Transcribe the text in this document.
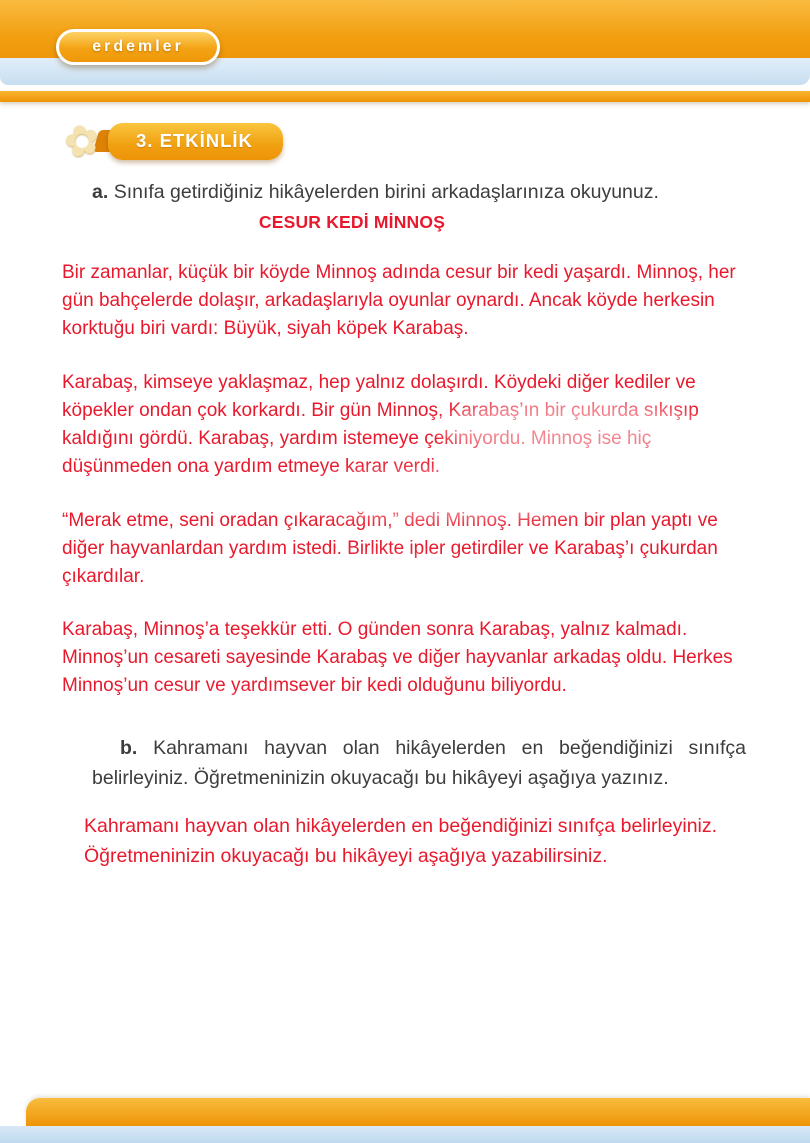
erdemler
✿	3. ETKİNLİK

a. Sınıfa getirdiğiniz hikâyelerden birini arkadaşlarınıza okuyunuz.

CESUR KEDİ MİNNOŞ

Bir zamanlar, küçük bir köyde Minnoş adında cesur bir kedi yaşardı. Minnoş, her gün bahçelerde dolaşır, arkadaşlarıyla oyunlar oynardı. Ancak köyde herkesin korktuğu biri vardı: Büyük, siyah köpek Karabaş.

Karabaş, kimseye yaklaşmaz, hep yalnız dolaşırdı. Köydeki diğer kediler ve köpekler ondan çok korkardı. Bir gün Minnoş, Karabaş’ın bir çukurda sıkışıp kaldığını gördü. Karabaş, yardım istemeye çekiniyordu. Minnoş ise hiç düşünmeden ona yardım etmeye karar verdi.

“Merak etme, seni oradan çıkaracağım,” dedi Minnoş. Hemen bir plan yaptı ve diğer hayvanlardan yardım istedi. Birlikte ipler getirdiler ve Karabaş’ı çukurdan çıkardılar.

Karabaş, Minnoş’a teşekkür etti. O günden sonra Karabaş, yalnız kalmadı. Minnoş’un cesareti sayesinde Karabaş ve diğer hayvanlar arkadaş oldu. Herkes Minnoş’un cesur ve yardımsever bir kedi olduğunu biliyordu.

b. Kahramanı hayvan olan hikâyelerden en beğendiğinizi sınıfça belirleyiniz. Öğretmeninizin okuyacağı bu hikâyeyi aşağıya yazınız.

Kahramanı hayvan olan hikâyelerden en beğendiğinizi sınıfça belirleyiniz. Öğretmeninizin okuyacağı bu hikâyeyi aşağıya yazabilirsiniz.
